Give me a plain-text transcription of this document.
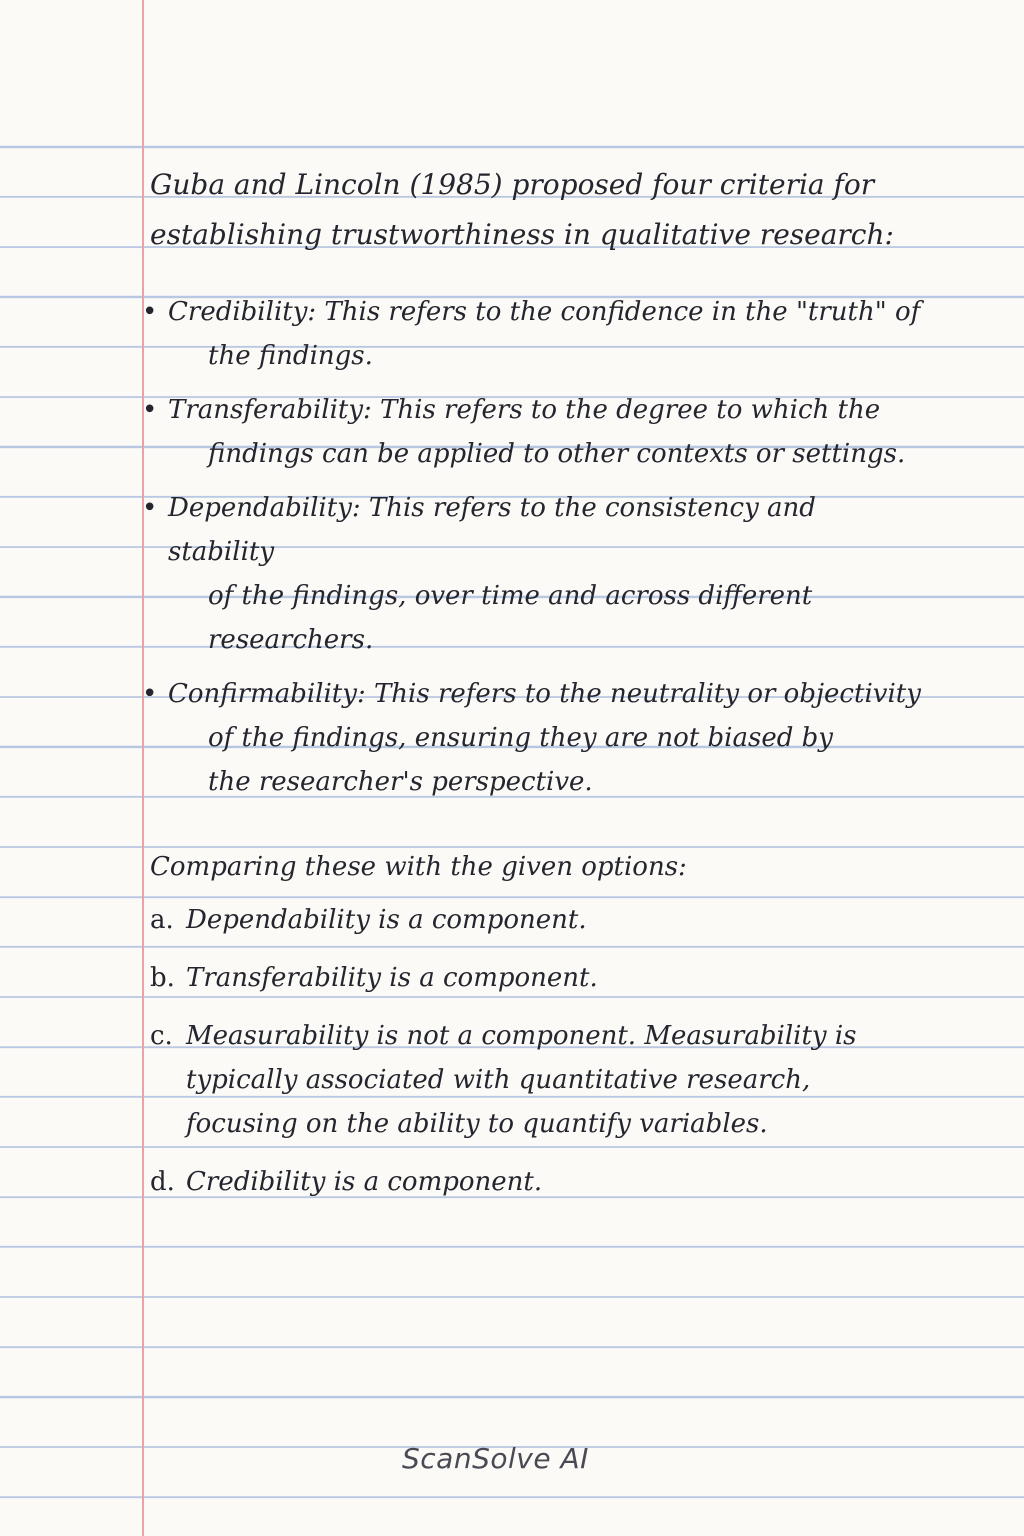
Guba and Lincoln (1985) proposed four criteria for establishing trustworthiness in qualitative research:

• Credibility: This refers to the confidence in the "truth" of
the findings.
• Transferability: This refers to the degree to which the
findings can be applied to other contexts or settings.
• Dependability: This refers to the consistency and stability
of the findings, over time and across different
researchers.
• Confirmability: This refers to the neutrality or objectivity
of the findings, ensuring they are not biased by
the researcher's perspective.

Comparing these with the given options:

a. Dependability is a component.
b. Transferability is a component.
c. Measurability is not a component. Measurability is typically associated with quantitative research, focusing on the ability to quantify variables.
d. Credibility is a component.
ScanSolve AI
